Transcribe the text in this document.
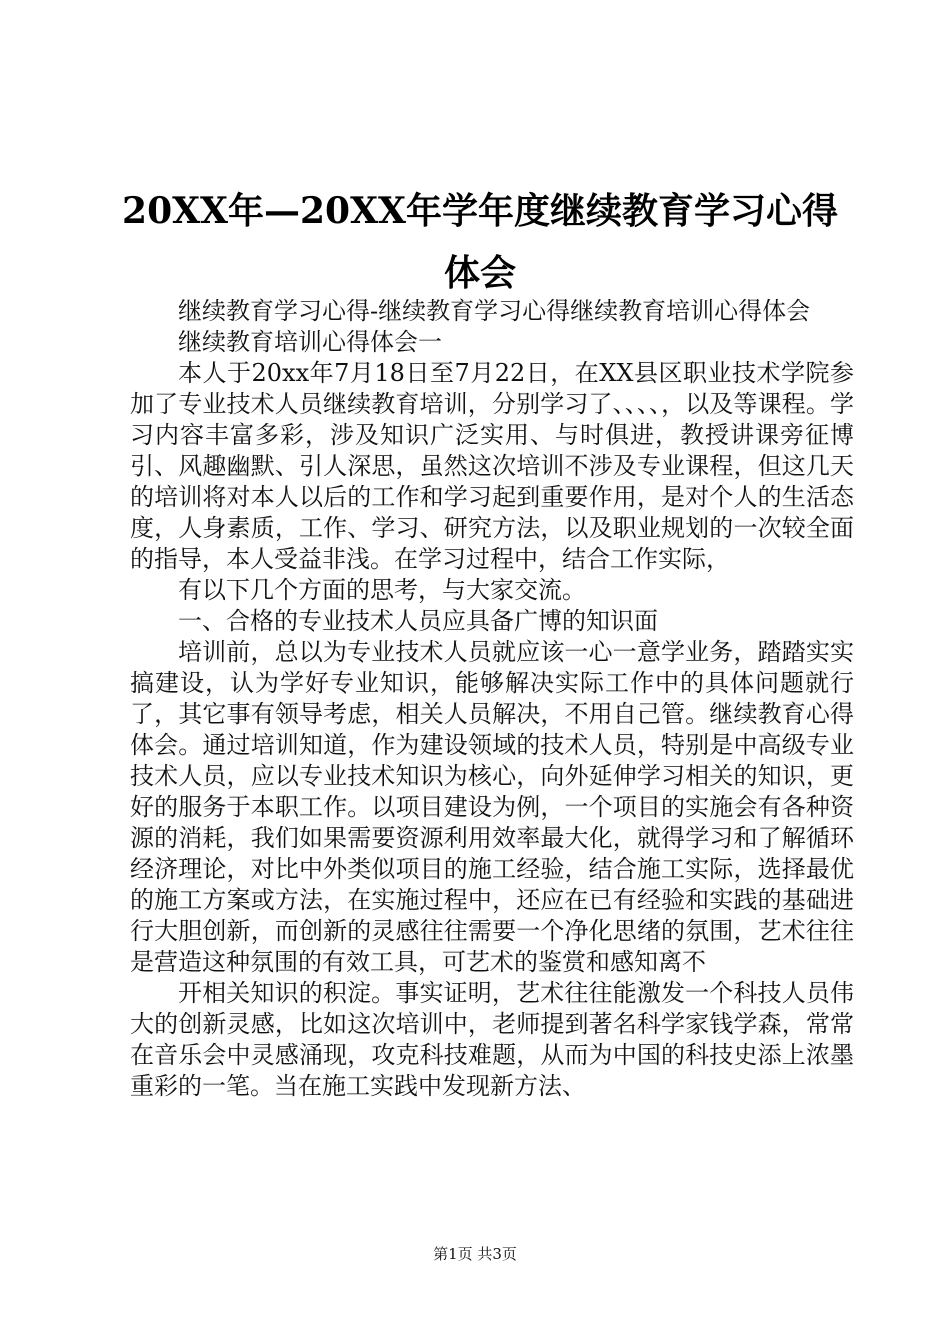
20XX年—20XX年学年度继续教育学习心得体会

继续教育学习心得-继续教育学习心得继续教育培训心得体会

继续教育培训心得体会一

本人于20xx年7月18日至7月22日，在XX县区职业技术学院参加了专业技术人员继续教育培训，分别学习了、、、、，以及等课程。学习内容丰富多彩，涉及知识广泛实用、与时俱进，教授讲课旁征博引、风趣幽默、引人深思，虽然这次培训不涉及专业课程，但这几天的培训将对本人以后的工作和学习起到重要作用，是对个人的生活态度，人身素质，工作、学习、研究方法，以及职业规划的一次较全面的指导，本人受益非浅。在学习过程中，结合工作实际，

有以下几个方面的思考，与大家交流。

一、合格的专业技术人员应具备广博的知识面

培训前，总以为专业技术人员就应该一心一意学业务，踏踏实实搞建设，认为学好专业知识，能够解决实际工作中的具体问题就行了，其它事有领导考虑，相关人员解决，不用自己管。继续教育心得体会。通过培训知道，作为建设领域的技术人员，特别是中高级专业技术人员，应以专业技术知识为核心，向外延伸学习相关的知识，更好的服务于本职工作。以项目建设为例，一个项目的实施会有各种资源的消耗，我们如果需要资源利用效率最大化，就得学习和了解循环经济理论，对比中外类似项目的施工经验，结合施工实际，选择最优的施工方案或方法，在实施过程中，还应在已有经验和实践的基础进行大胆创新，而创新的灵感往往需要一个净化思绪的氛围，艺术往往是营造这种氛围的有效工具，可艺术的鉴赏和感知离不

开相关知识的积淀。事实证明，艺术往往能激发一个科技人员伟大的创新灵感，比如这次培训中，老师提到著名科学家钱学森，常常在音乐会中灵感涌现，攻克科技难题，从而为中国的科技史添上浓墨重彩的一笔。当在施工实践中发现新方法、

第1页 共3页
